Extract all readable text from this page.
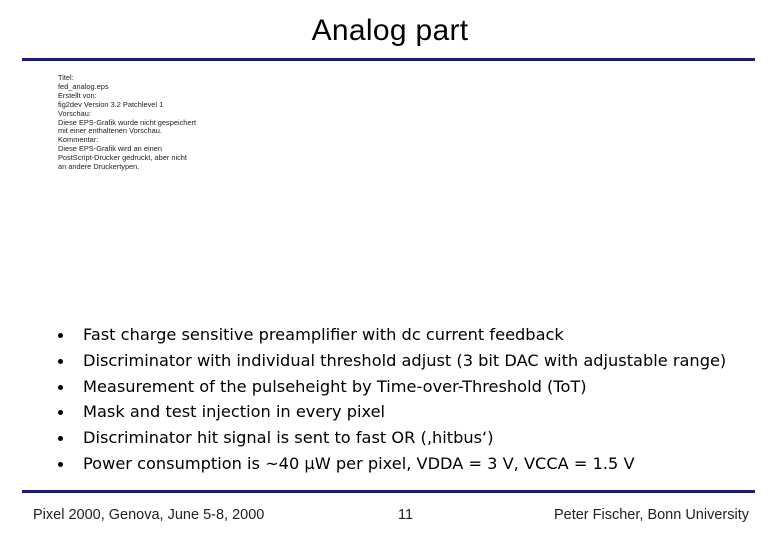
Analog part
Titel:
fed_analog.eps
Erstellt von:
fig2dev Version 3.2 Patchlevel 1
Vorschau:
Diese EPS-Grafik wurde nicht gespeichert
mit einer enthaltenen Vorschau.
Kommentar:
Diese EPS-Grafik wird an einen
PostScript-Drucker gedruckt, aber nicht
an andere Druckertypen.
Fast charge sensitive preamplifier with dc current feedback
Discriminator with individual threshold adjust (3 bit DAC with adjustable range)
Measurement of the pulseheight by Time-over-Threshold (ToT)
Mask and test injection in every pixel
Discriminator hit signal is sent to fast OR (‚hitbus‘)
Power consumption is ~40 µW per pixel, VDDA = 3 V, VCCA = 1.5 V
Pixel 2000, Genova, June 5-8, 2000	11	Peter Fischer, Bonn University
